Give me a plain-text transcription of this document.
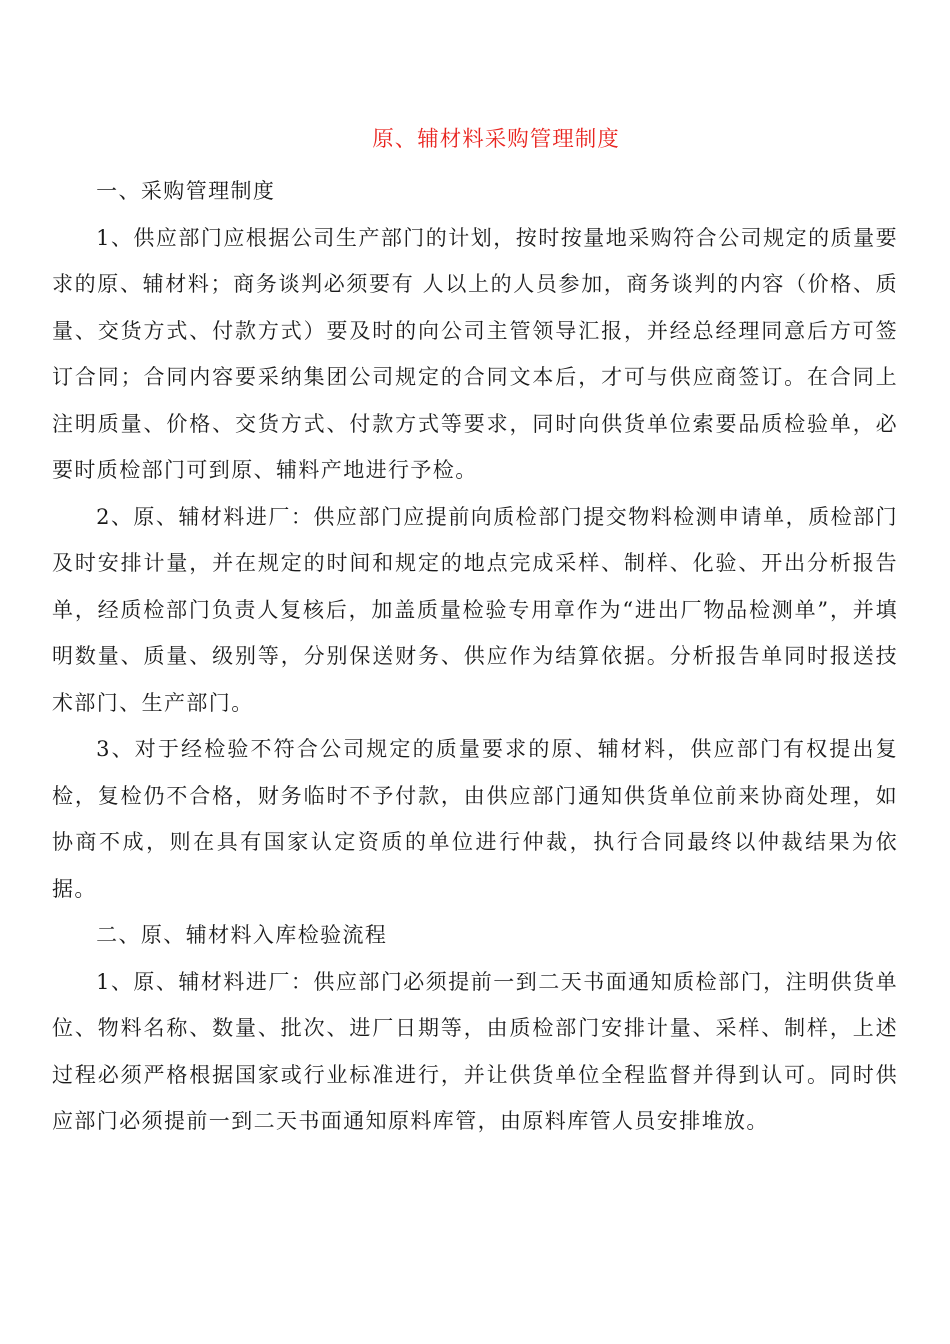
原、辅材料采购管理制度

一、采购管理制度

1、供应部门应根据公司生产部门的计划，按时按量地采购符合公司规定的质量要求的原、辅材料；商务谈判必须要有 人以上的人员参加，商务谈判的内容（价格、质量、交货方式、付款方式）要及时的向公司主管领导汇报，并经总经理同意后方可签订合同；合同内容要采纳集团公司规定的合同文本后，才可与供应商签订。在合同上注明质量、价格、交货方式、付款方式等要求，同时向供货单位索要品质检验单，必要时质检部门可到原、辅料产地进行予检。

2、原、辅材料进厂：供应部门应提前向质检部门提交物料检测申请单，质检部门及时安排计量，并在规定的时间和规定的地点完成采样、制样、化验、开出分析报告单，经质检部门负责人复核后，加盖质量检验专用章作为“进出厂物品检测单”，并填明数量、质量、级别等，分别保送财务、供应作为结算依据。分析报告单同时报送技术部门、生产部门。

3、对于经检验不符合公司规定的质量要求的原、辅材料，供应部门有权提出复检，复检仍不合格，财务临时不予付款，由供应部门通知供货单位前来协商处理，如协商不成，则在具有国家认定资质的单位进行仲裁，执行合同最终以仲裁结果为依据。

二、原、辅材料入库检验流程

1、原、辅材料进厂：供应部门必须提前一到二天书面通知质检部门，注明供货单位、物料名称、数量、批次、进厂日期等，由质检部门安排计量、采样、制样，上述过程必须严格根据国家或行业标准进行，并让供货单位全程监督并得到认可。同时供应部门必须提前一到二天书面通知原料库管，由原料库管人员安排堆放。
